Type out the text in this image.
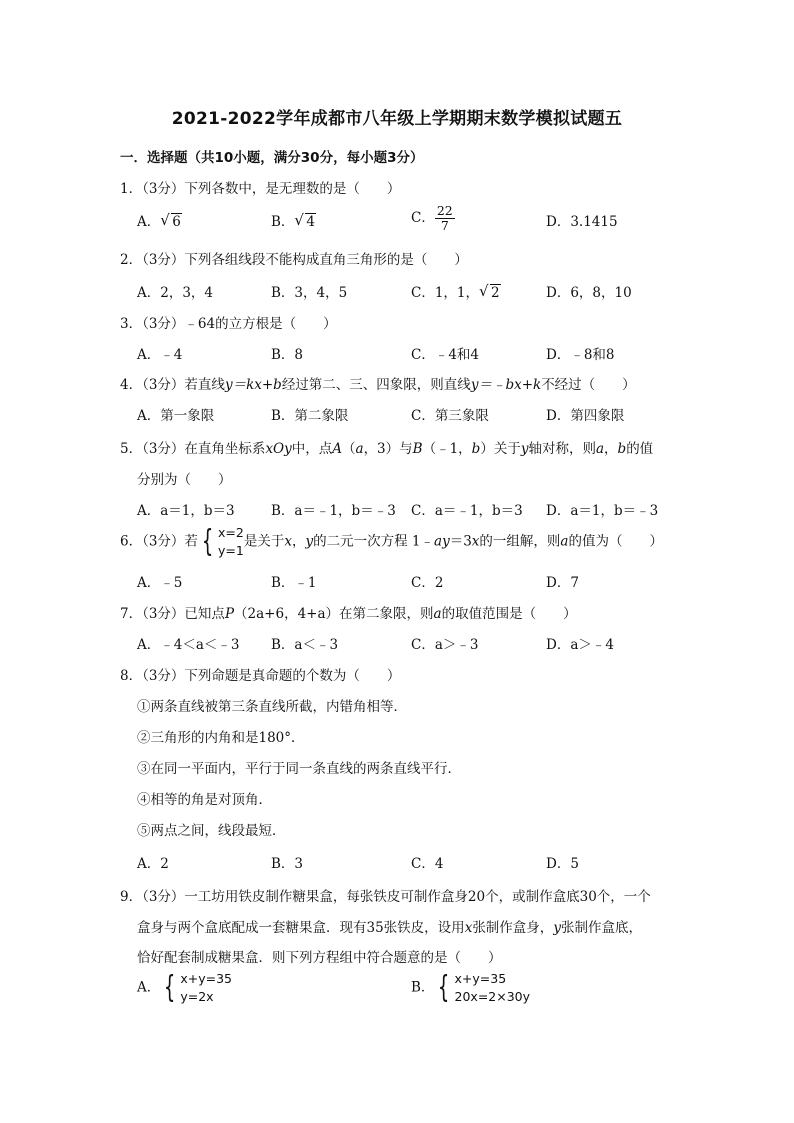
2021-2022学年成都市八年级上学期期末数学模拟试题五
一．选择题（共10小题，满分30分，每小题3分）
1．（3分）下列各数中，是无理数的是（　　）
A． √ 6	B． √ 4	C． $\frac{22}{7}$	D．3.1415
2．（3分）下列各组线段不能构成直角三角形的是（　　）
A．2，3，4	B．3，4，5	C．1，1， √ 2	D．6，8，10
3．（3分）﹣64的立方根是（　　）
A．﹣4	B．8	C．﹣4和4	D．﹣8和8
4．（3分）若直线y＝kx+b经过第二、三、四象限，则直线y＝﹣bx+k不经过（　　）
A．第一象限	B．第二象限	C．第三象限	D．第四象限
5．（3分）在直角坐标系xOy中，点A（a，3）与B（﹣1，b）关于y轴对称，则a，b的值
分别为（　　）
A．a＝1，b＝3	B．a＝﹣1，b＝﹣3 C．a＝﹣1，b＝3 D．a＝1，b＝﹣3
6．（3分）若 { x=2
y=1
是关于x，y的二元一次方程 1﹣ay＝3x的一组解，则a的值为（　　）
A．﹣5	B．﹣1	C．2	D．7
7．（3分）已知点P（2a+6，4+a）在第二象限，则a的取值范围是（　　）
A．﹣4＜a＜﹣3 B．a＜﹣3	C．a＞﹣3	D．a＞﹣4
8．（3分）下列命题是真命题的个数为（　　）
①两条直线被第三条直线所截，内错角相等．
②三角形的内角和是180°．
③在同一平面内，平行于同一条直线的两条直线平行．
④相等的角是对顶角．
⑤两点之间，线段最短．
A．2	B．3	C．4	D．5
9．（3分）一工坊用铁皮制作糖果盒，每张铁皮可制作盒身20个，或制作盒底30个，一个
盒身与两个盒底配成一套糖果盒．现有35张铁皮，设用x张制作盒身，y张制作盒底，
恰好配套制成糖果盒．则下列方程组中符合题意的是（　　）
A． { x+y=35
y=2x
B． { x+y=35
20x=2×30y
